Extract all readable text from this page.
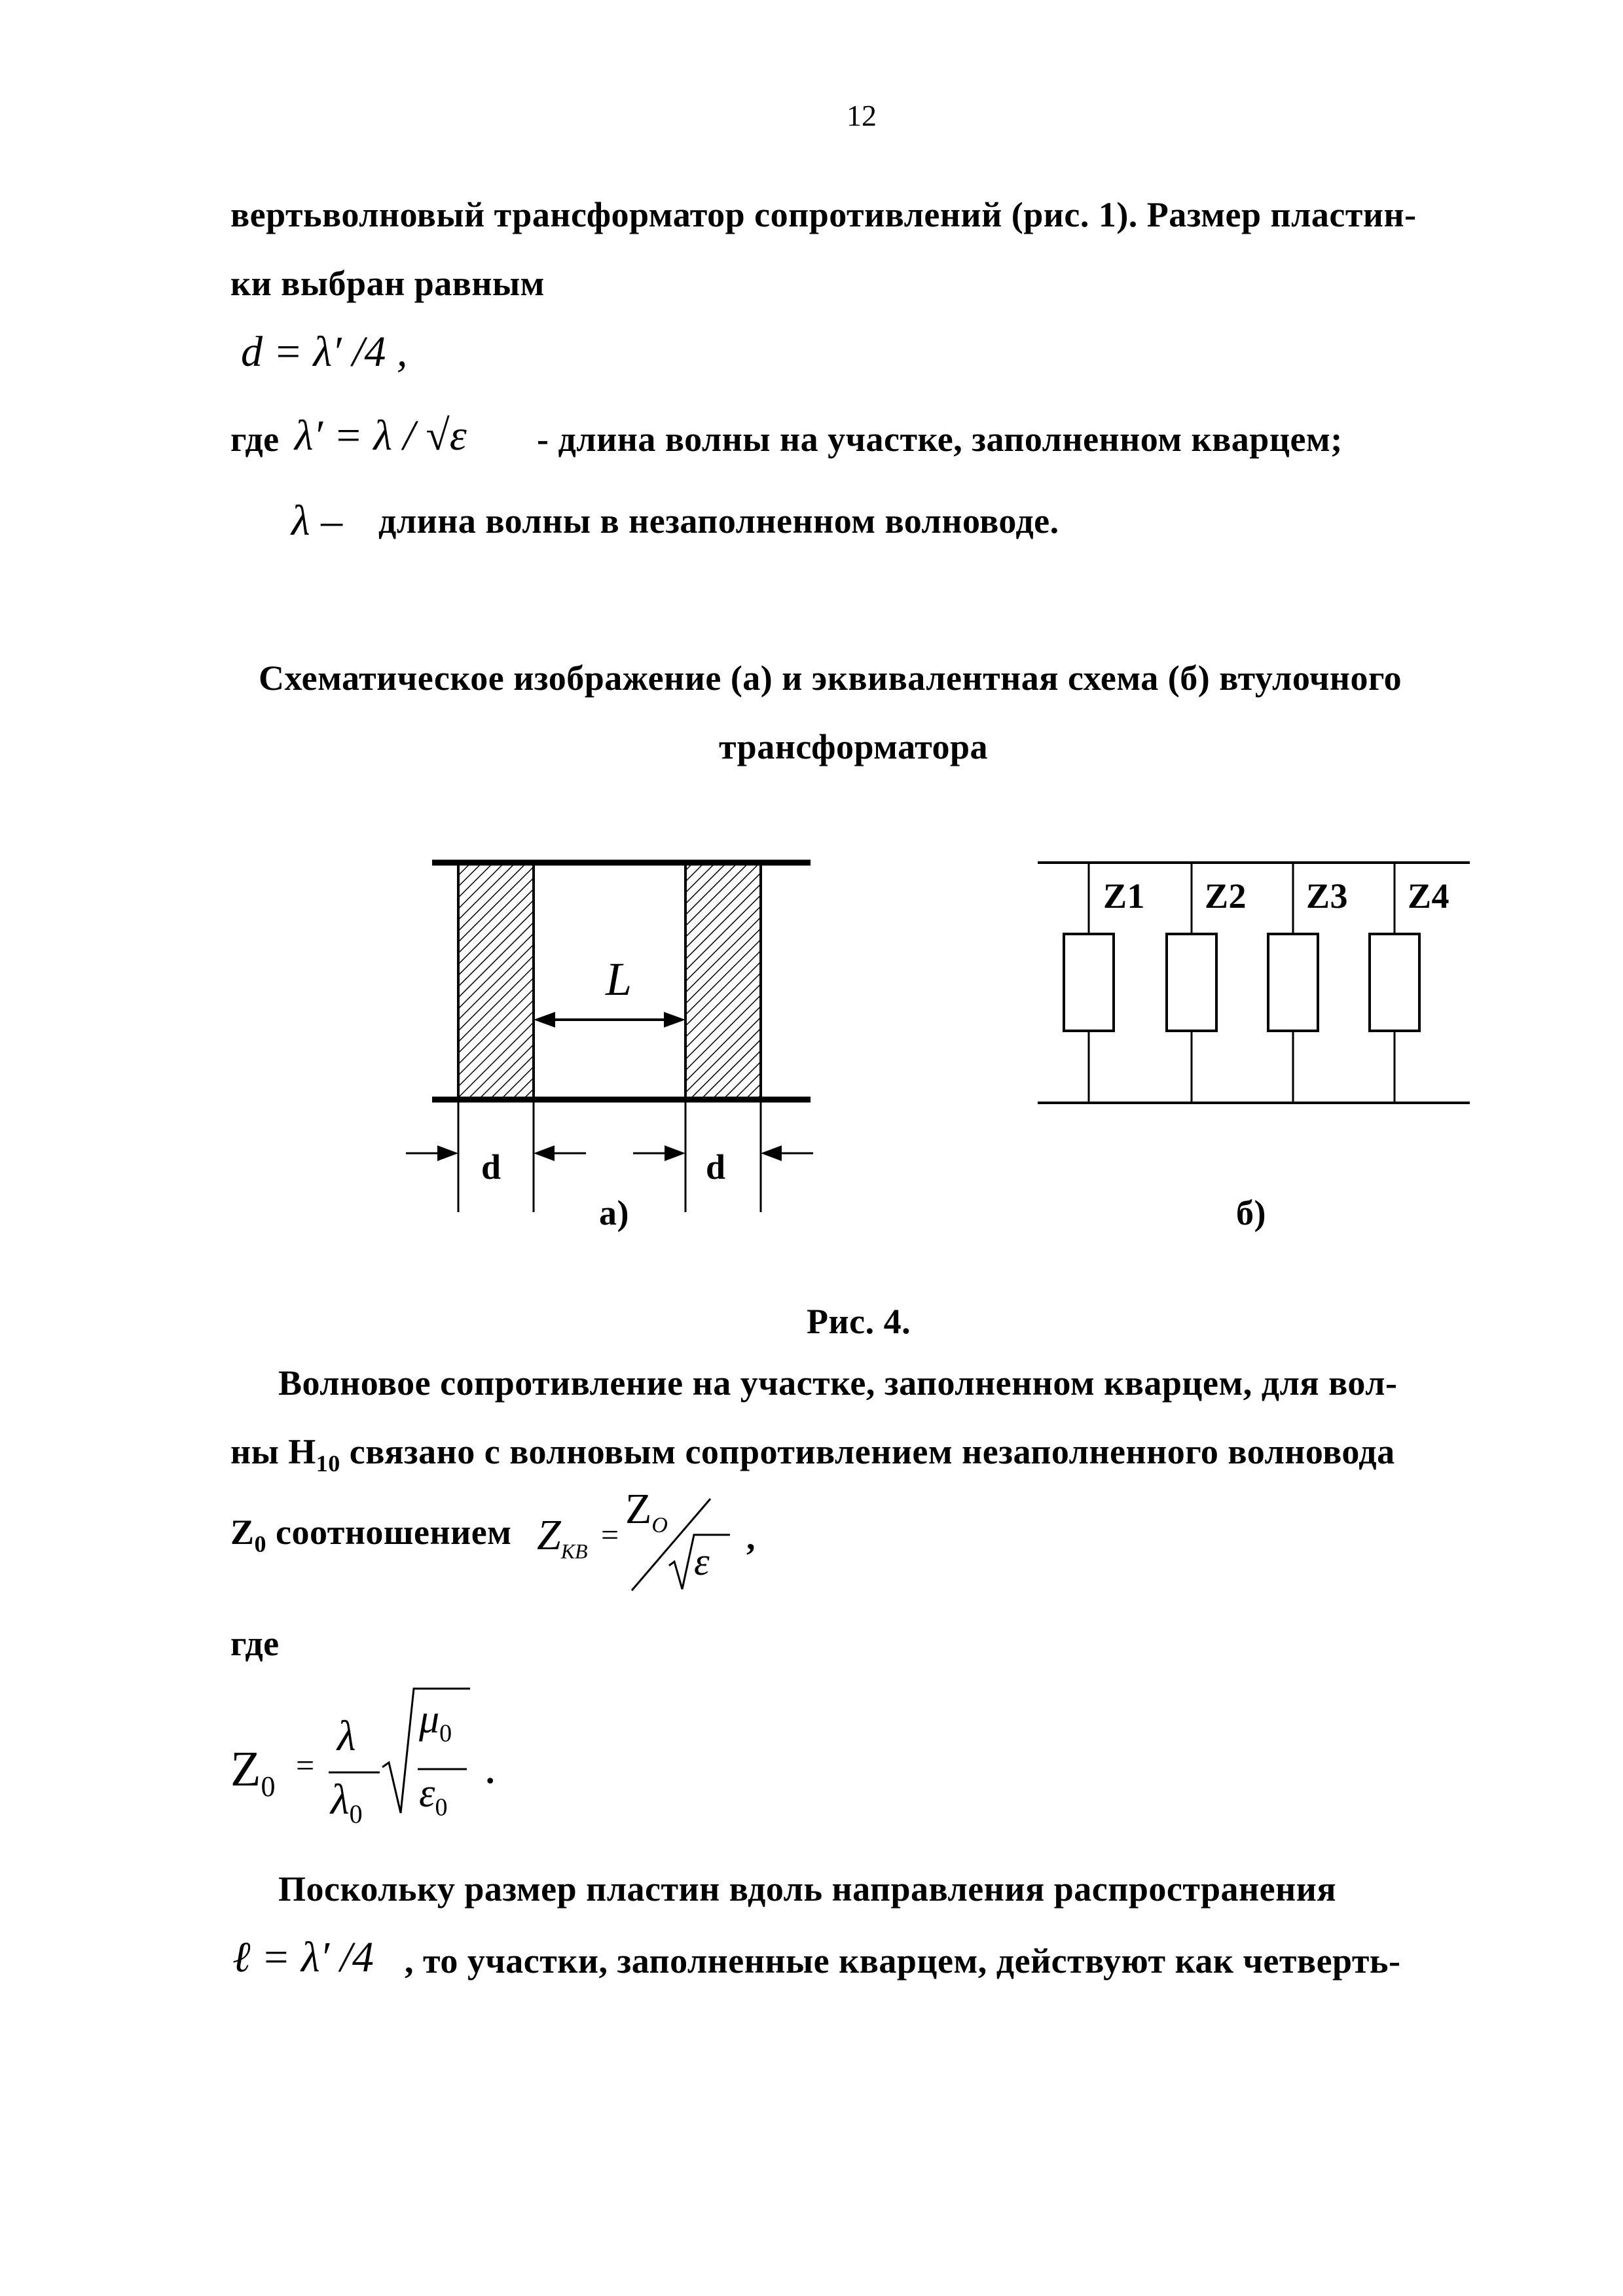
12
вертьволновый трансформатор сопротивлений (рис. 1). Размер пластин-
ки выбран равным
d = λ′ /4 ,
где λ′ = λ / √ε - длина волны на участке, заполненном кварцем;
λ – длина волны в незаполненном волноводе.
Схематическое изображение (а) и эквивалентная схема (б) втулочного
трансформатора
L
d	d
а)
Z1 Z2 Z3 Z4
б)
Рис. 4.
Волновое сопротивление на участке, заполненном кварцем, для вол-
ны $H_{10}$ связано с волновым сопротивлением незаполненного волновода
$Z_0$ соотношением $Z_{КВ}$ =
$Z_O$
ε
,
где
$Z_0$
=
λ
$\lambda_0$
$\mu_0$
$\varepsilon_0$
.
Поскольку размер пластин вдоль направления распространения
ℓ = λ′ /4 , то участки, заполненные кварцем, действуют как четверть-
